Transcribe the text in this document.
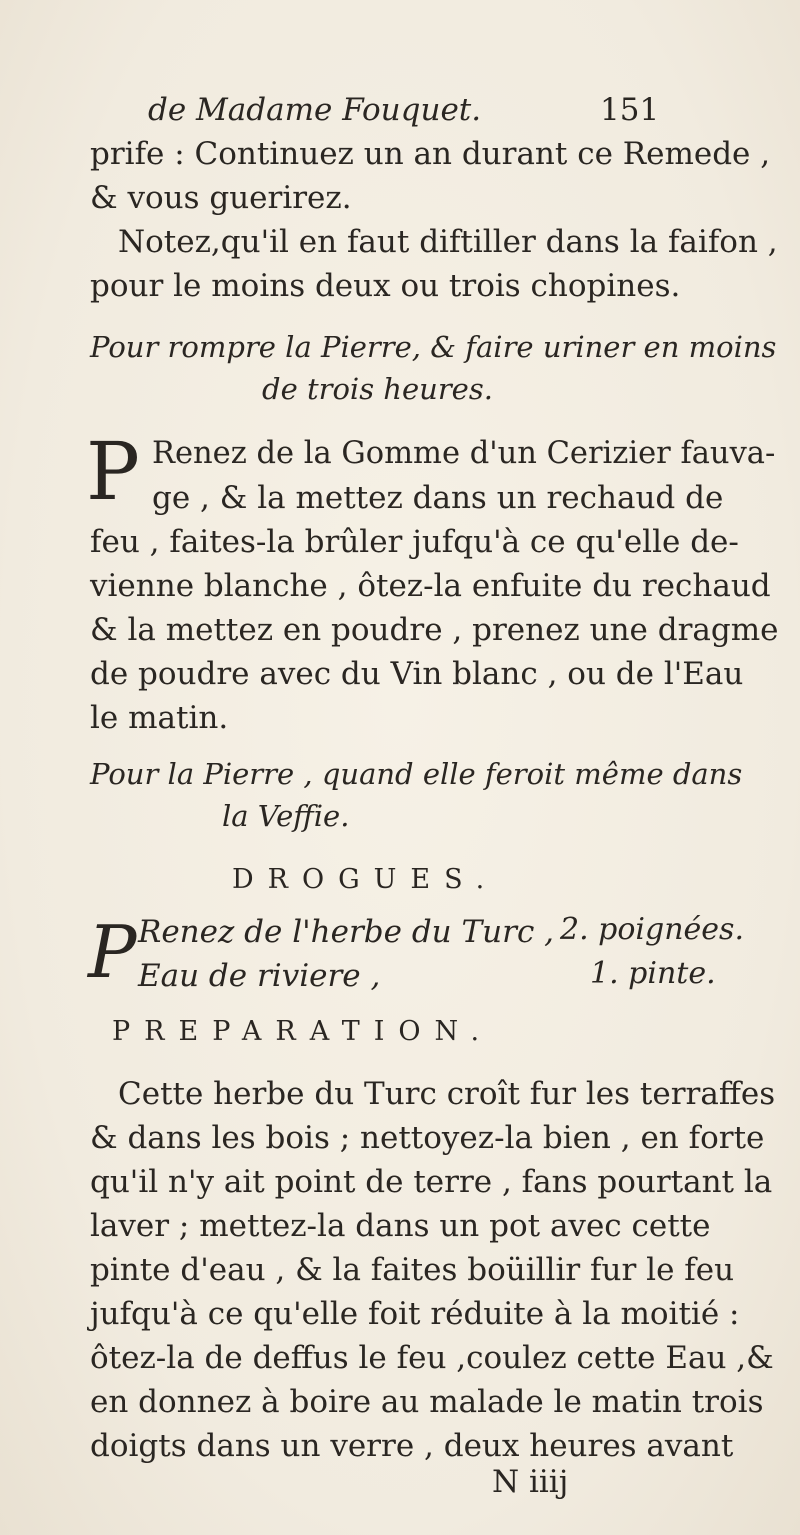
de Madame Fouquet.	151
prife : Continuez un an durant ce Remede ,
& vous guerirez.
Notez,qu'il en faut diftiller dans la faifon ,
pour le moins deux ou trois chopines.
Pour rompre la Pierre, & faire uriner en moins
de trois heures.
P Renez de la Gomme d'un Cerizier fauva-
ge , & la mettez dans un rechaud de
feu , faites-la brûler jufqu'à ce qu'elle de-
vienne blanche , ôtez-la enfuite du rechaud
& la mettez en poudre , prenez une dragme
de poudre avec du Vin blanc , ou de l'Eau
le matin.
Pour la Pierre , quand elle feroit même dans
la Veffie.
DROGUES.
P Renez de l'herbe du Turc , 2. poignées.
Eau de riviere ,	1. pinte.
PREPARATION.
Cette herbe du Turc croît fur les terraffes
& dans les bois ; nettoyez-la bien , en forte
qu'il n'y ait point de terre , fans pourtant la
laver ; mettez-la dans un pot avec cette
pinte d'eau , & la faites boüillir fur le feu
jufqu'à ce qu'elle foit réduite à la moitié :
ôtez-la de deffus le feu ,coulez cette Eau ,&
en donnez à boire au malade le matin trois
doigts dans un verre , deux heures avant
N iiij
